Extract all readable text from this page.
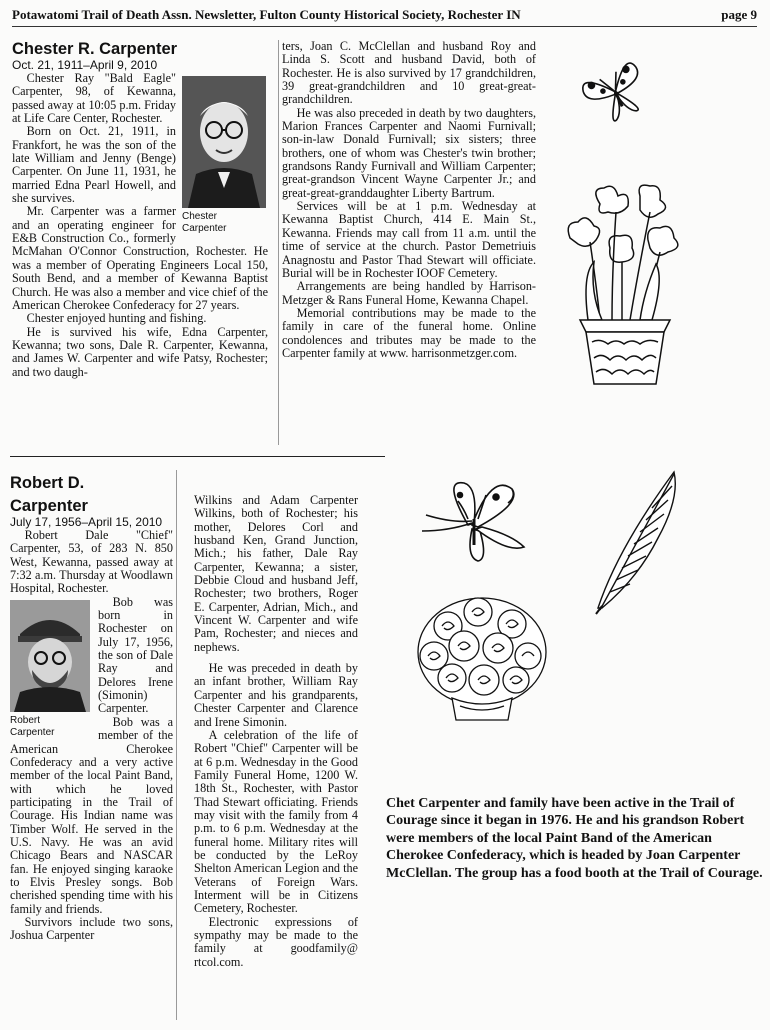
Potawatomi Trail of Death Assn. Newsletter, Fulton County Historical Society, Rochester IN	page 9
Chester R. Carpenter
Oct. 21, 1911–April 9, 2010
Chester
Carpenter

Chester Ray "Bald Eagle" Carpenter, 98, of Kewanna, passed away at 10:05 p.m. Friday at Life Care Center, Rochester.

Born on Oct. 21, 1911, in Frankfort, he was the son of the late William and Jenny (Benge) Carpenter. On June 11, 1931, he married Edna Pearl Howell, and she survives.

Mr. Carpenter was a farmer and an operating engineer for E&B Construction Co., formerly McMahan O'Connor Construction, Rochester. He was a member of Operating Engineers Local 150, South Bend, and a member of Kewanna Baptist Church. He was also a member and vice chief of the American Cherokee Confederacy for 27 years.

Chester enjoyed hunting and fishing.

He is survived his wife, Edna Carpenter, Kewanna; two sons, Dale R. Carpenter, Kewanna, and James W. Carpenter and wife Patsy, Rochester; and two daugh-

ters, Joan C. McClellan and husband Roy and Linda S. Scott and husband David, both of Rochester. He is also survived by 17 grandchildren, 39 great-grandchildren and 10 great-great-grandchildren.

He was also preceded in death by two daughters, Marion Frances Carpenter and Naomi Furnivall; son-in-law Donald Furnivall; six sisters; three brothers, one of whom was Chester's twin brother; grandsons Randy Furnivall and William Carpenter; great-grandson Vincent Wayne Carpenter Jr.; and great-great-granddaughter Liberty Bartrum.

Services will be at 1 p.m. Wednesday at Kewanna Baptist Church, 414 E. Main St., Kewanna. Friends may call from 11 a.m. until the time of service at the church. Pastor Demetriuis Anagnostu and Pastor Thad Stewart will officiate. Burial will be in Rochester IOOF Cemetery.

Arrangements are being handled by Harrison-Metzger & Rans Funeral Home, Kewanna Chapel.

Memorial contributions may be made to the family in care of the funeral home. Online condolences and tributes may be made to the Carpenter family at www. harrisonmetzger.com.

Robert D.
Carpenter
July 17, 1956–April 15, 2010

Robert Dale "Chief" Carpenter, 53, of 283 N. 850 West, Kewanna, passed away at 7:32 a.m. Thursday at Woodlawn Hospital, Rochester.

Robert
Carpenter

Bob was born in Rochester on July 17, 1956, the son of Dale Ray and Delores Irene (Simonin) Carpenter.

Bob was a member of the American Cherokee Confederacy and a very active member of the local Paint Band, with which he loved participating in the Trail of Courage. His Indian name was Timber Wolf. He served in the U.S. Navy. He was an avid Chicago Bears and NASCAR fan. He enjoyed singing karaoke to Elvis Presley songs. Bob cherished spending time with his family and friends.

Survivors include two sons, Joshua Carpenter

Wilkins and Adam Carpenter Wilkins, both of Rochester; his mother, Delores Corl and husband Ken, Grand Junction, Mich.; his father, Dale Ray Carpenter, Kewanna; a sister, Debbie Cloud and husband Jeff, Rochester; two brothers, Roger E. Carpenter, Adrian, Mich., and Vincent W. Carpenter and wife Pam, Rochester; and nieces and nephews.

He was preceded in death by an infant brother, William Ray Carpenter and his grandparents, Chester Carpenter and Clarence and Irene Simonin.

A celebration of the life of Robert "Chief" Carpenter will be at 6 p.m. Wednesday in the Good Family Funeral Home, 1200 W. 18th St., Rochester, with Pastor Thad Stewart officiating. Friends may visit with the family from 4 p.m. to 6 p.m. Wednesday at the funeral home. Military rites will be conducted by the LeRoy Shelton American Legion and the Veterans of Foreign Wars. Interment will be in Citizens Cemetery, Rochester.

Electronic expressions of sympathy may be made to the family at goodfamily@ rtcol.com.

Chet Carpenter and family have been active in the Trail of Courage since it began in 1976. He and his grandson Robert were members of the local Paint Band of the American Cherokee Confederacy, which is headed by Joan Carpenter McClellan. The group has a food booth at the Trail of Courage.
